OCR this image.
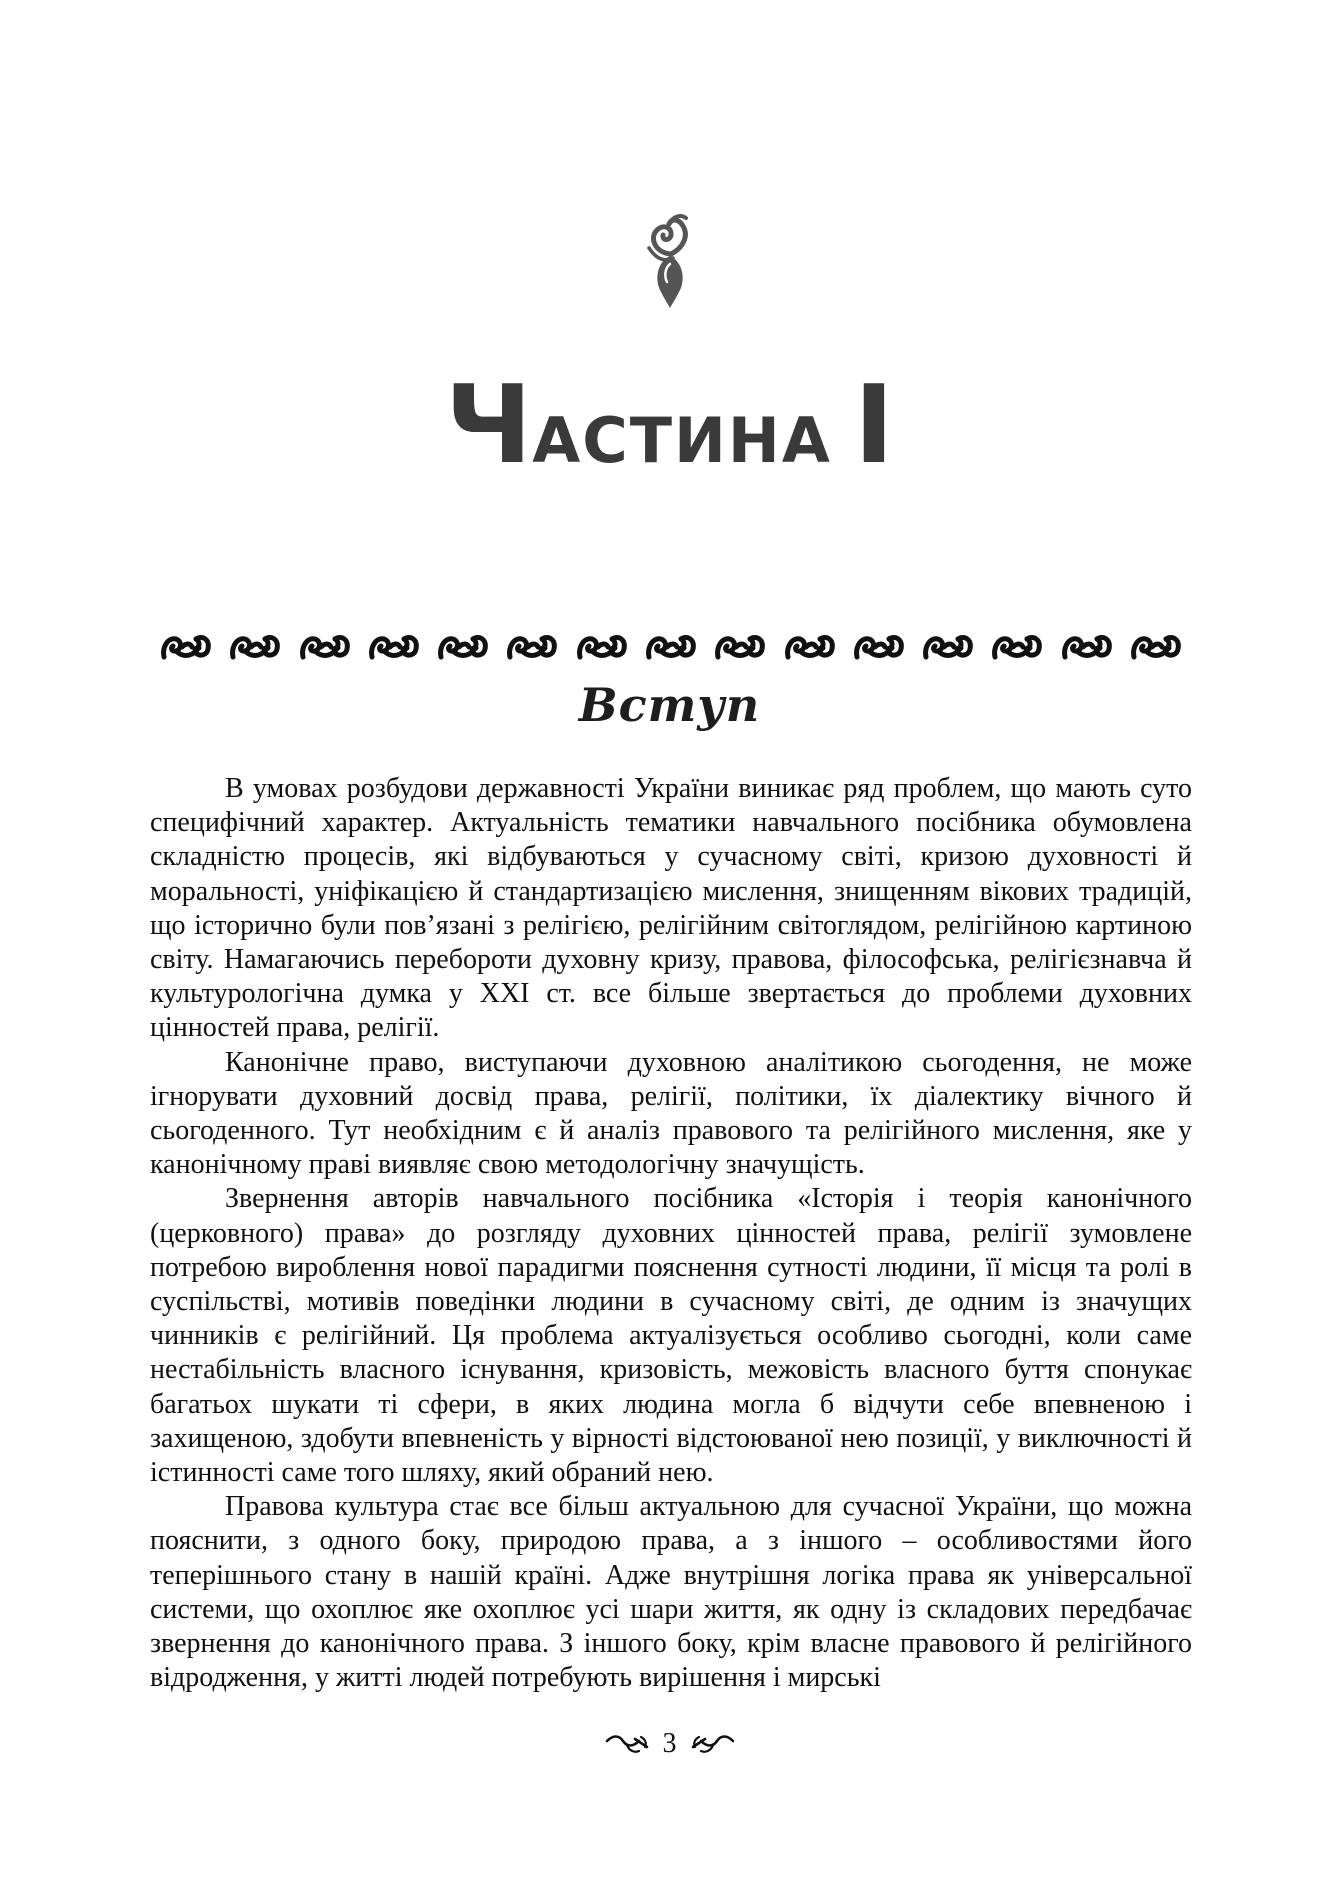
ЧАСТИНА І
Вступ

В умовах розбудови державності України виникає ряд проблем, що мають суто специфічний характер. Актуальність тематики навчального посібника обумовлена складністю процесів, які відбуваються у сучасному світі, кризою духовності й моральності, уніфікацією й стандартизацією мислення, знищенням вікових традицій, що історично були пов’язані з релігією, релігійним світоглядом, релігійною картиною світу. Намагаючись перебороти духовну кризу, правова, філософська, релігієзнавча й культурологічна думка у ХХІ ст. все більше звертається до проблеми духовних цінностей права, релігії.

Канонічне право, виступаючи духовною аналітикою сьогодення, не може ігнорувати духовний досвід права, релігії, політики, їх діалектику вічного й сьогоденного. Тут необхідним є й аналіз правового та релігійного мислення, яке у канонічному праві виявляє свою методологічну значущість.

Звернення авторів навчального посібника «Історія і теорія канонічного (церковного) права» до розгляду духовних цінностей права, релігії зумовлене потребою вироблення нової парадигми пояснення сутності людини, її місця та ролі в суспільстві, мотивів поведінки людини в сучасному світі, де одним із значущих чинників є релігійний. Ця проблема актуалізується особливо сьогодні, коли саме нестабільність власного існування, кризовість, межовість власного буття спонукає багатьох шукати ті сфери, в яких людина могла б відчути себе впевненою і захищеною, здобути впевненість у вірності відстоюваної нею позиції, у виключності й істинності саме того шляху, який обраний нею.

Правова культура стає все більш актуальною для сучасної України, що можна пояснити, з одного боку, природою права, а з іншого – особливостями його теперішнього стану в нашій країні. Адже внутрішня логіка права як універсальної системи, що охоплює яке охоплює усі шари життя, як одну із складових передбачає звернення до канонічного права. З іншого боку, крім власне правового й релігійного відродження, у житті людей потребують вирішення і мирські

3
